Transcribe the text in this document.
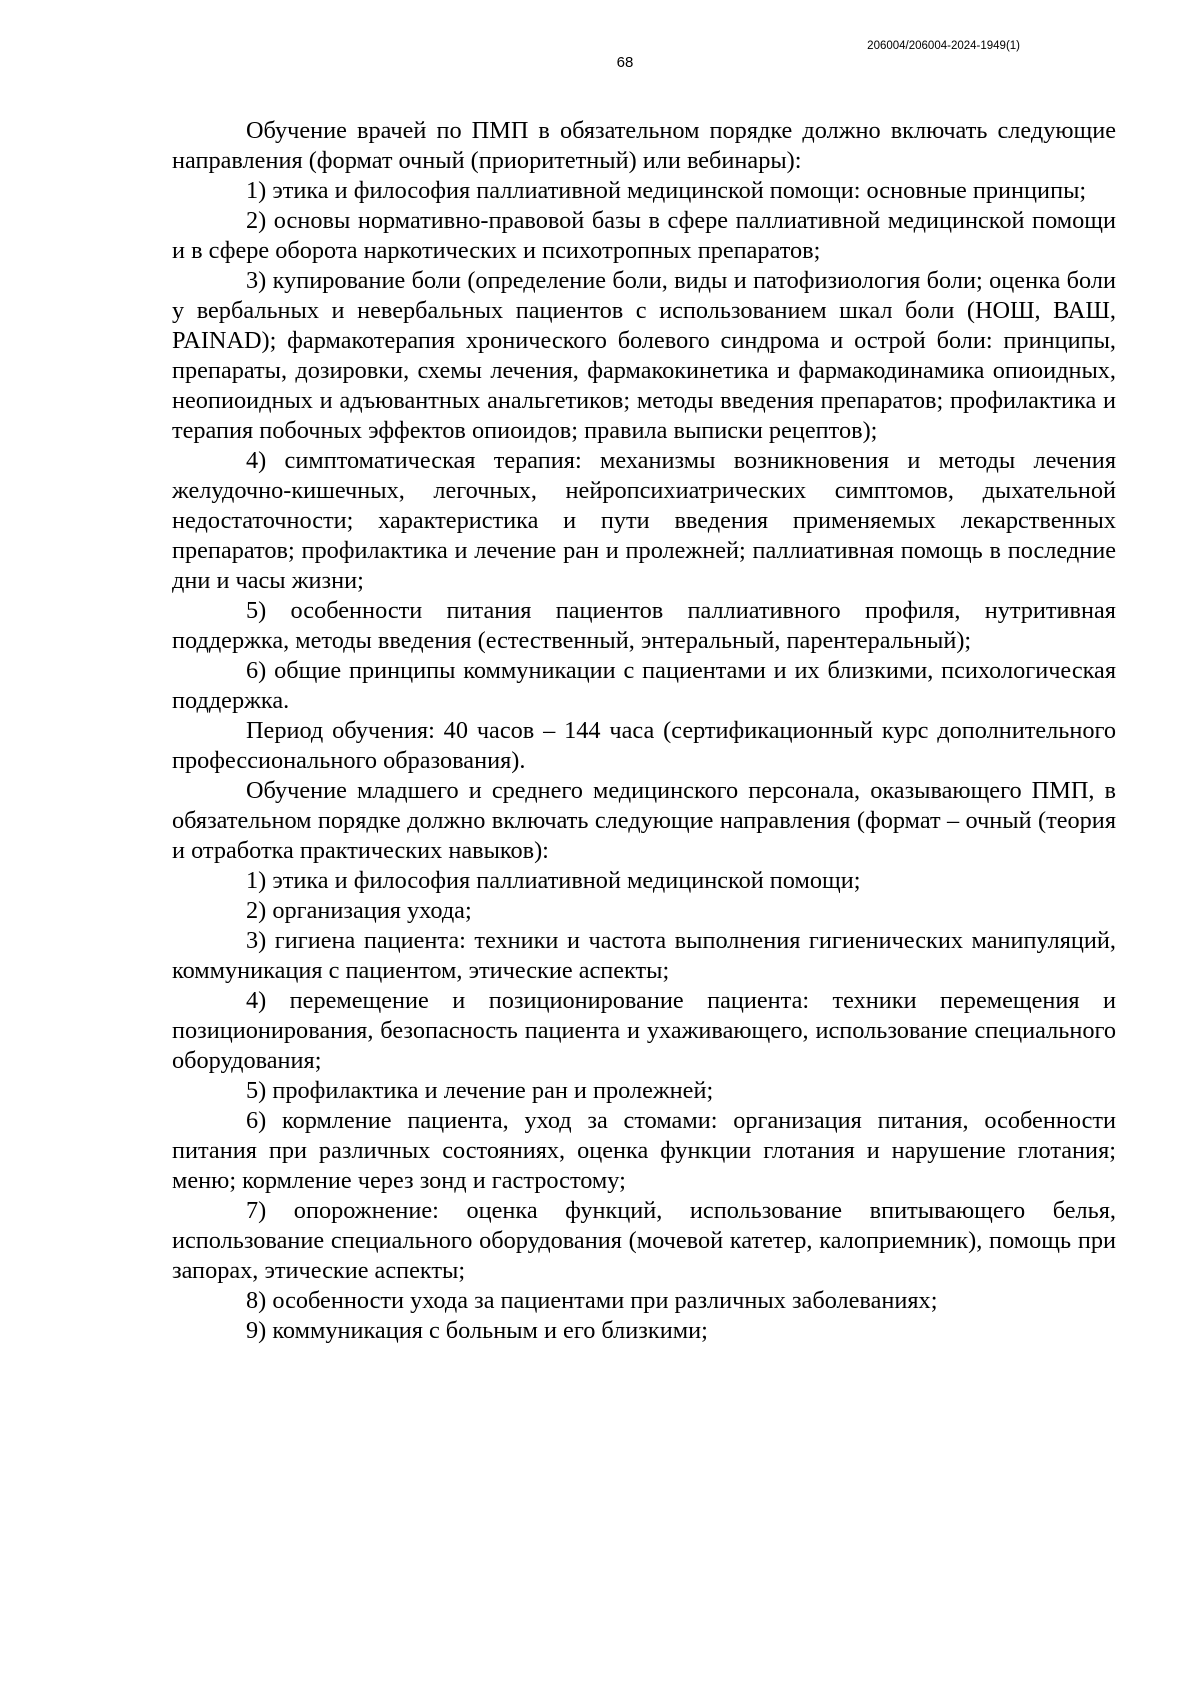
206004/206004-2024-1949(1)
68

Обучение врачей по ПМП в обязательном порядке должно включать следующие направления (формат очный (приоритетный) или вебинары):

1) этика и философия паллиативной медицинской помощи: основные принципы;

2) основы нормативно-правовой базы в сфере паллиативной медицинской помощи и в сфере оборота наркотических и психотропных препаратов;

3) купирование боли (определение боли, виды и патофизиология боли; оценка боли у вербальных и невербальных пациентов с использованием шкал боли (НОШ, ВАШ, PAINAD); фармакотерапия хронического болевого синдрома и острой боли: принципы, препараты, дозировки, схемы лечения, фармакокинетика и фармакодинамика опиоидных, неопиоидных и адъювантных анальгетиков; методы введения препаратов; профилактика и терапия побочных эффектов опиоидов; правила выписки рецептов);

4) симптоматическая терапия: механизмы возникновения и методы лечения желудочно-кишечных, легочных, нейропсихиатрических симптомов, дыхательной недостаточности; характеристика и пути введения применяемых лекарственных препаратов; профилактика и лечение ран и пролежней; паллиативная помощь в последние дни и часы жизни;

5) особенности питания пациентов паллиативного профиля, нутритивная поддержка, методы введения (естественный, энтеральный, парентеральный);

6) общие принципы коммуникации с пациентами и их близкими, психологическая поддержка.

Период обучения: 40 часов – 144 часа (сертификационный курс дополнительного профессионального образования).

Обучение младшего и среднего медицинского персонала, оказывающего ПМП, в обязательном порядке должно включать следующие направления (формат – очный (теория и отработка практических навыков):

1) этика и философия паллиативной медицинской помощи;

2) организация ухода;

3) гигиена пациента: техники и частота выполнения гигиенических манипуляций, коммуникация с пациентом, этические аспекты;

4) перемещение и позиционирование пациента: техники перемещения и позиционирования, безопасность пациента и ухаживающего, использование специального оборудования;

5) профилактика и лечение ран и пролежней;

6) кормление пациента, уход за стомами: организация питания, особенности питания при различных состояниях, оценка функции глотания и нарушение глотания; меню; кормление через зонд и гастростому;

7) опорожнение: оценка функций, использование впитывающего белья, использование специального оборудования (мочевой катетер, калоприемник), помощь при запорах, этические аспекты;

8) особенности ухода за пациентами при различных заболеваниях;

9) коммуникация с больным и его близкими;
